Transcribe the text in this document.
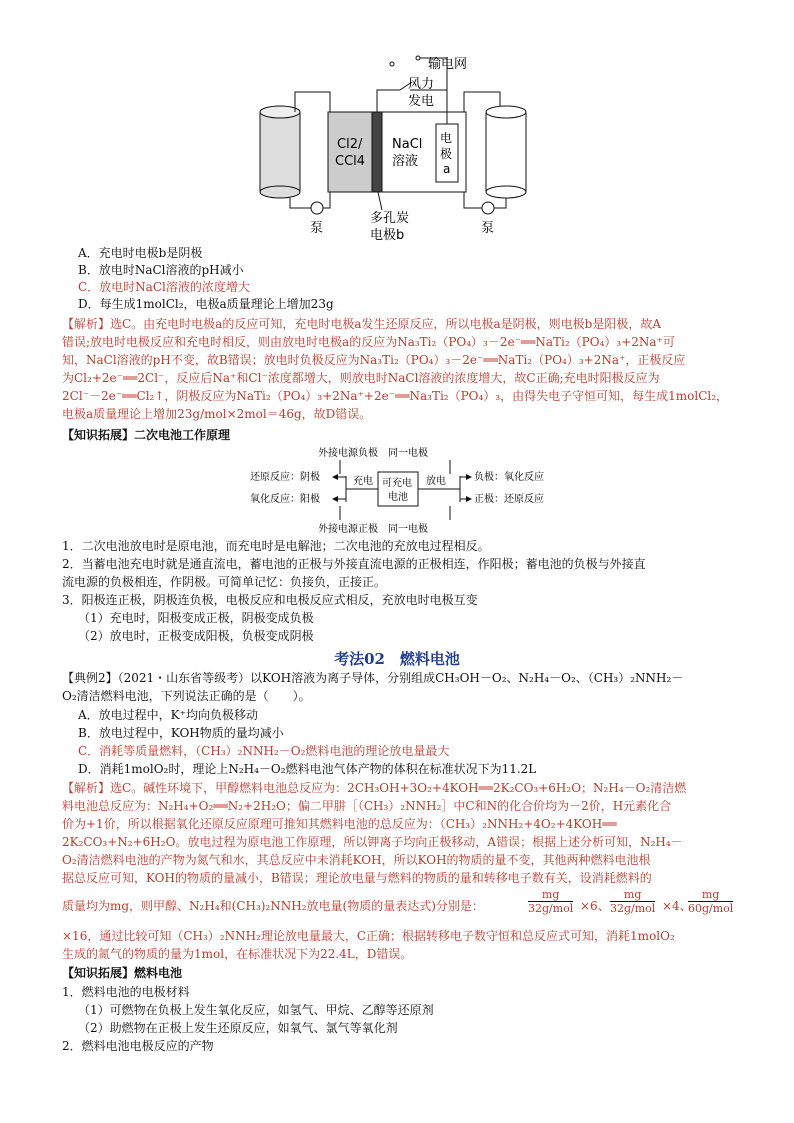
输电网
风力
发电
Cl2/
CCl4
NaCl
溶液
电
极
a
泵	泵
多孔炭
电极b
A．充电时电极b是阴极
B．放电时NaCl溶液的pH减小
C．放电时NaCl溶液的浓度增大
D．每生成1molCl₂，电极a质量理论上增加23g
【解析】选C。由充电时电极a的反应可知，充电时电极a发生还原反应，所以电极a是阴极，则电极b是阳极，故A
错误;放电时电极反应和充电时相反，则由放电时电极a的反应为Na₃Ti₂（PO₄）₃－2e⁻══NaTi₂（PO₄）₃+2Na⁺可
知，NaCl溶液的pH不变，故B错误；放电时负极反应为Na₃Ti₂（PO₄）₃－2e⁻══NaTi₂（PO₄）₃+2Na⁺，正极反应
为Cl₂+2e⁻══2Cl⁻，反应后Na⁺和Cl⁻浓度都增大，则放电时NaCl溶液的浓度增大，故C正确;充电时阳极反应为
2Cl⁻－2e⁻══Cl₂↑，阴极反应为NaTi₂（PO₄）₃+2Na⁺+2e⁻══Na₃Ti₂（PO₄）₃，由得失电子守恒可知，每生成1molCl₂，
电极a质量理论上增加23g/mol×2mol＝46g，故D错误。
【知识拓展】二次电池工作原理
外接电源负极　同一电极
外接电源正极　同一电极
还原反应：阴极
氧化反应：阳极
可充电
电池
充电	放电	负极：氧化反应
正极：还原反应
1．二次电池放电时是原电池，而充电时是电解池；二次电池的充放电过程相反。
2．当蓄电池充电时就是通直流电，蓄电池的正极与外接直流电源的正极相连，作阳极；蓄电池的负极与外接直
流电源的负极相连，作阴极。可简单记忆：负接负，正接正。
3．阳极连正极，阴极连负极，电极反应和电极反应式相反，充放电时电极互变
（1）充电时，阳极变成正极，阴极变成负极
（2）放电时，正极变成阳极，负极变成阴极
考法02　燃料电池
【典例2】（2021・山东省等级考）以KOH溶液为离子导体，分别组成CH₃OH－O₂、N₂H₄－O₂、（CH₃）₂NNH₂－
O₂清洁燃料电池，下列说法正确的是（　　）。
A．放电过程中，K⁺均向负极移动
B．放电过程中，KOH物质的量均减小
C．消耗等质量燃料，（CH₃）₂NNH₂－O₂燃料电池的理论放电量最大
D．消耗1molO₂时，理论上N₂H₄－O₂燃料电池气体产物的体积在标准状况下为11.2L
【解析】选C。碱性环境下，甲醇燃料电池总反应为：2CH₃OH+3O₂+4KOH══2K₂CO₃+6H₂O；N₂H₄－O₂清洁燃
料电池总反应为：N₂H₄+O₂══N₂+2H₂O；偏二甲肼［（CH₃）₂NNH₂］中C和N的化合价均为－2价，H元素化合
价为+1价，所以根据氧化还原反应原理可推知其燃料电池的总反应为：（CH₃）₂NNH₂+4O₂+4KOH══
2K₂CO₃+N₂+6H₂O。放电过程为原电池工作原理，所以钾离子均向正极移动，A错误；根据上述分析可知，N₂H₄－
O₂清洁燃料电池的产物为氮气和水，其总反应中未消耗KOH，所以KOH的物质的量不变，其他两种燃料电池根
据总反应可知，KOH的物质的量减小，B错误；理论放电量与燃料的物质的量和转移电子数有关，设消耗燃料的
质量均为mg，则甲醇、N₂H₄和(CH₃)₂NNH₂放电量(物质的量表达式)分别是：
mg
32g/mol ×6、
mg
32g/mol ×4、
mg
60g/mol
×16，通过比较可知（CH₃）₂NNH₂理论放电量最大，C正确；根据转移电子数守恒和总反应式可知，消耗1molO₂
生成的氮气的物质的量为1mol，在标准状况下为22.4L，D错误。
【知识拓展】燃料电池
1．燃料电池的电极材料
（1）可燃物在负极上发生氧化反应，如氢气、甲烷、乙醇等还原剂
（2）助燃物在正极上发生还原反应，如氧气、氯气等氧化剂
2．燃料电池电极反应的产物
